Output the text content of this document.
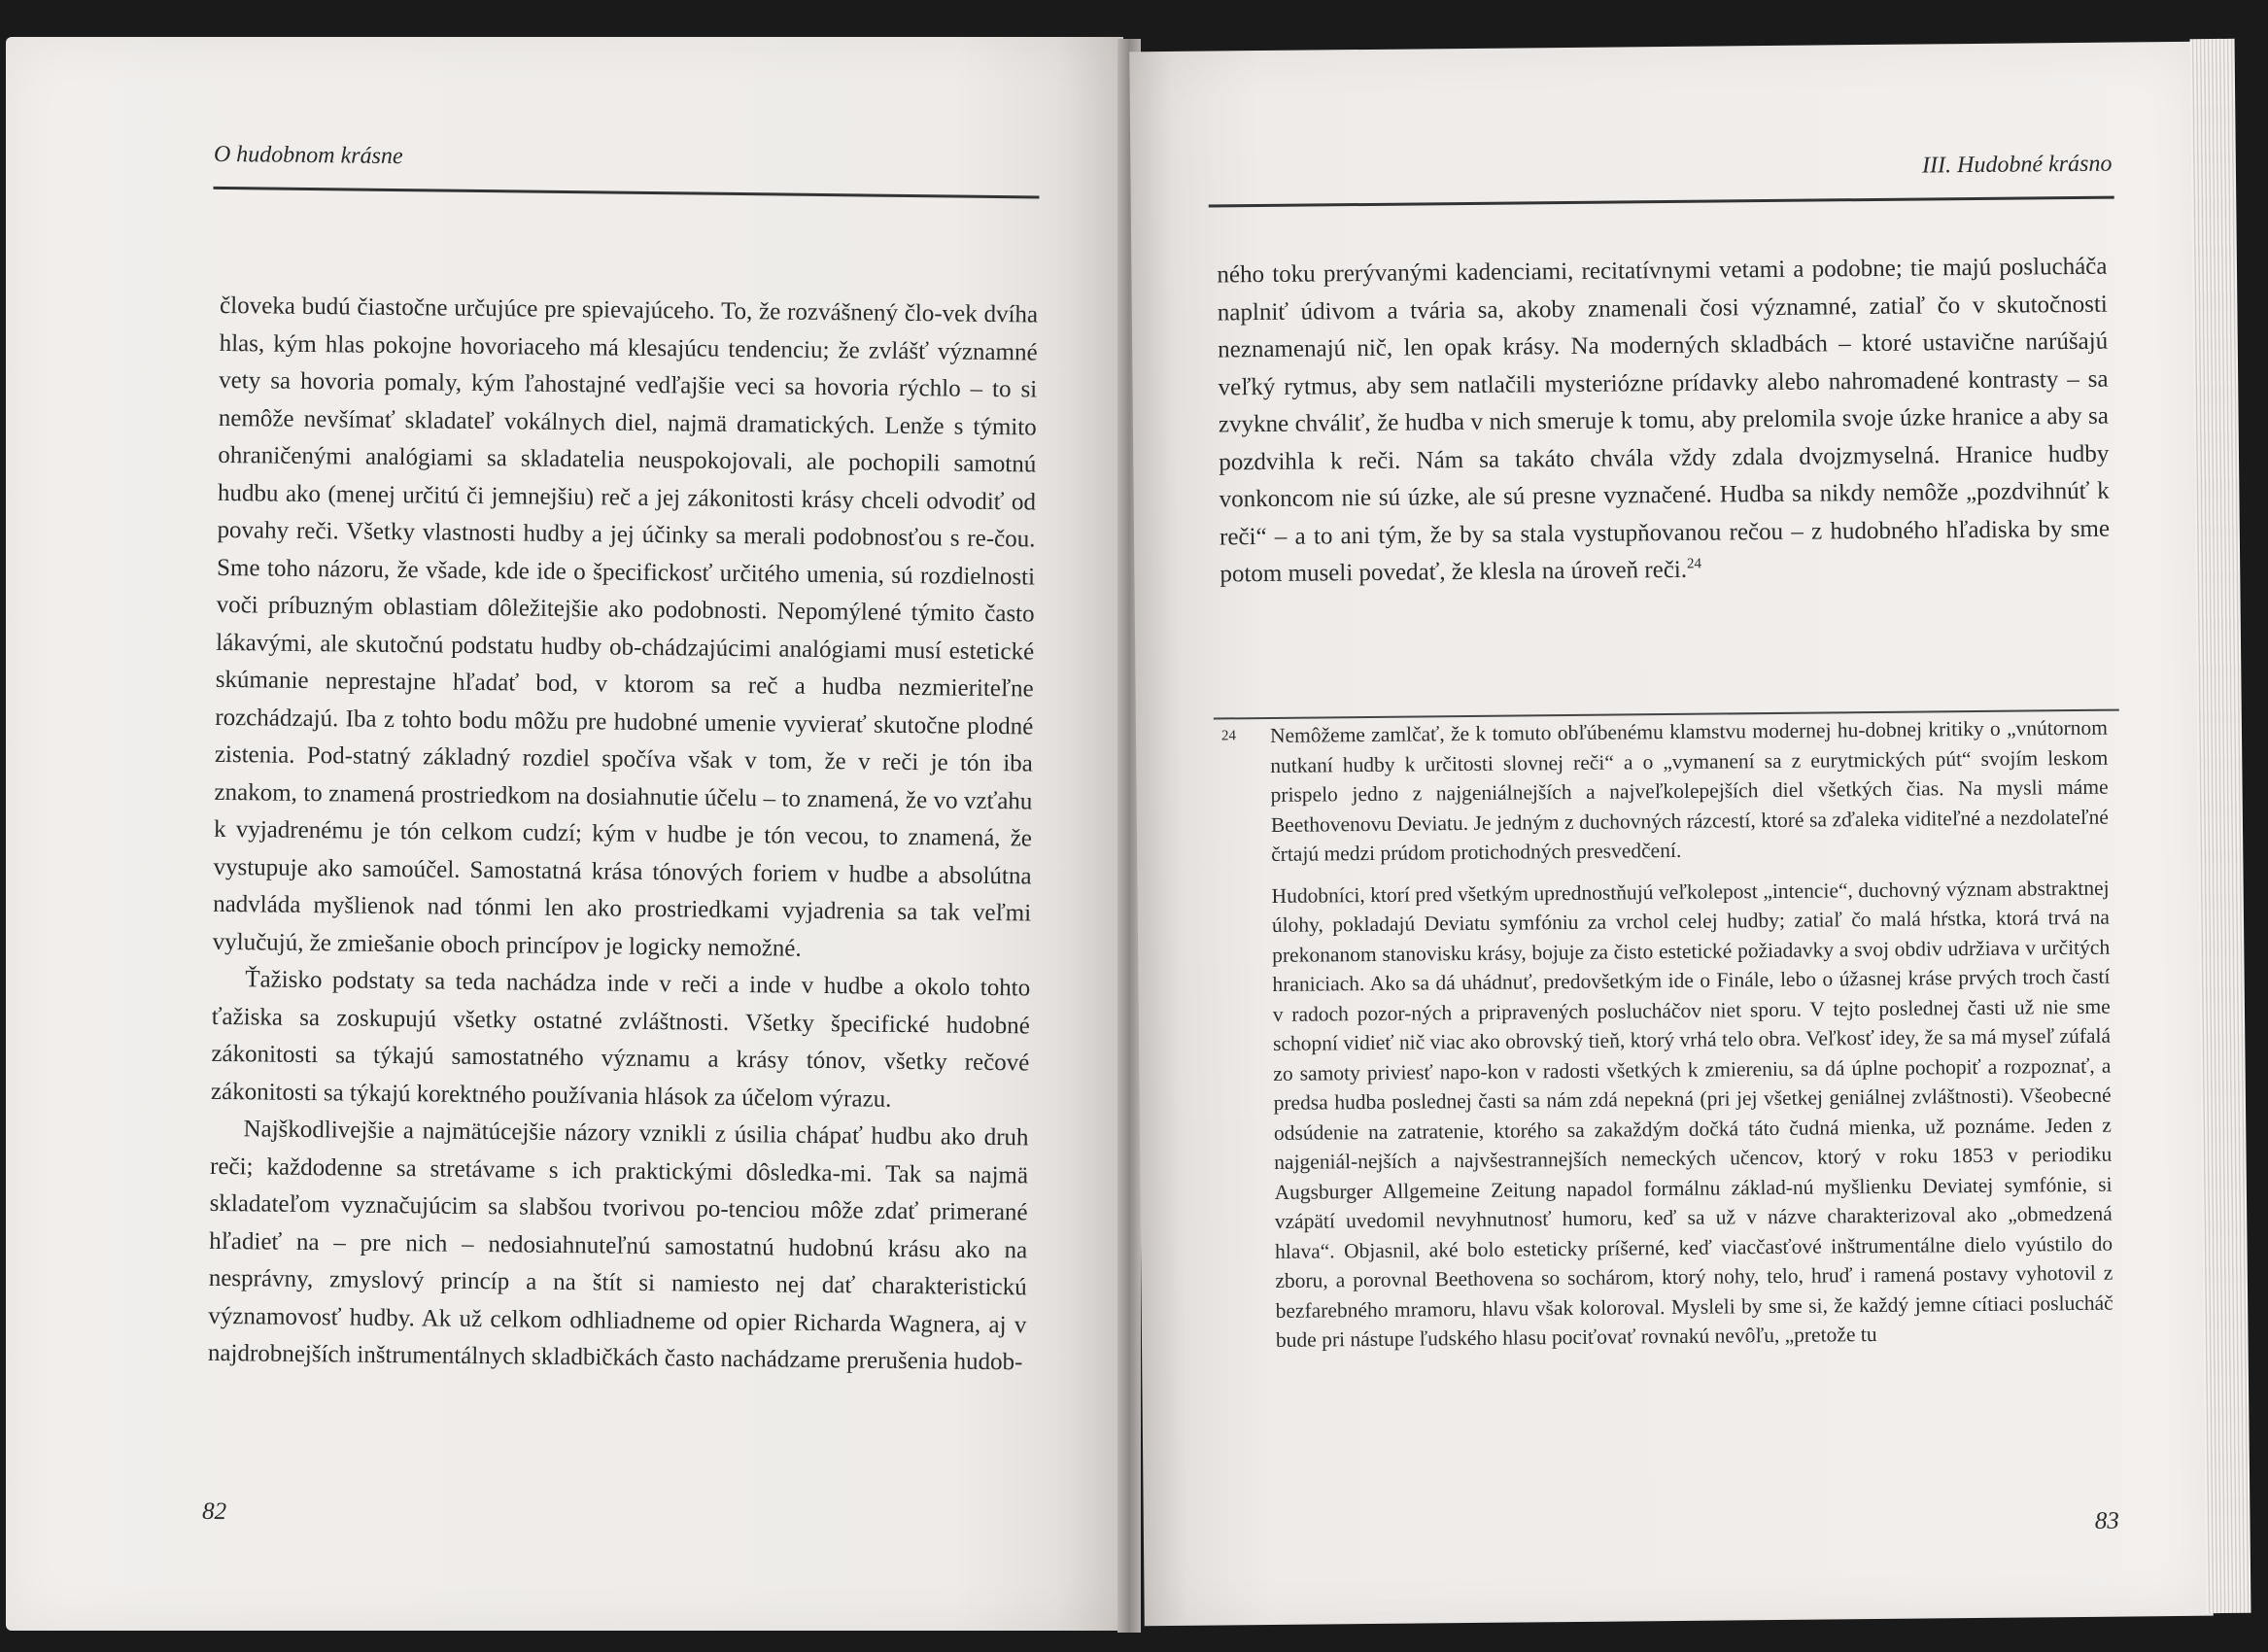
O hudobnom krásne

človeka budú čiastočne určujúce pre spievajúceho. To, že rozvášnený člo-vek dvíha hlas, kým hlas pokojne hovoriaceho má klesajúcu tendenciu; že zvlášť významné vety sa hovoria pomaly, kým ľahostajné vedľajšie veci sa hovoria rýchlo – to si nemôže nevšímať skladateľ vokálnych diel, najmä dramatických. Lenže s týmito ohraničenými analógiami sa skladatelia neuspokojovali, ale pochopili samotnú hudbu ako (menej určitú či jemnejšiu) reč a jej zákonitosti krásy chceli odvodiť od povahy reči. Všetky vlastnosti hudby a jej účinky sa merali podobnosťou s re-čou. Sme toho názoru, že všade, kde ide o špecifickosť určitého umenia, sú rozdielnosti voči príbuzným oblastiam dôležitejšie ako podobnosti. Nepomýlené týmito často lákavými, ale skutočnú podstatu hudby ob-chádzajúcimi analógiami musí estetické skúmanie neprestajne hľadať bod, v ktorom sa reč a hudba nezmieriteľne rozchádzajú. Iba z tohto bodu môžu pre hudobné umenie vyvierať skutočne plodné zistenia. Pod-statný základný rozdiel spočíva však v tom, že v reči je tón iba znakom, to znamená prostriedkom na dosiahnutie účelu – to znamená, že vo vzťahu k vyjadrenému je tón celkom cudzí; kým v hudbe je tón vecou, to znamená, že vystupuje ako samoúčel. Samostatná krása tónových foriem v hudbe a absolútna nadvláda myšlienok nad tónmi len ako prostriedkami vyjadrenia sa tak veľmi vylučujú, že zmiešanie oboch princípov je logicky nemožné.

Ťažisko podstaty sa teda nachádza inde v reči a inde v hudbe a okolo tohto ťažiska sa zoskupujú všetky ostatné zvláštnosti. Všetky špecifické hudobné zákonitosti sa týkajú samostatného významu a krásy tónov, všetky rečové zákonitosti sa týkajú korektného používania hlások za účelom výrazu.

Najškodlivejšie a najmätúcejšie názory vznikli z úsilia chápať hudbu ako druh reči; každodenne sa stretávame s ich praktickými dôsledka-mi. Tak sa najmä skladateľom vyznačujúcim sa slabšou tvorivou po-tenciou môže zdať primerané hľadieť na – pre nich – nedosiahnuteľnú samostatnú hudobnú krásu ako na nesprávny, zmyslový princíp a na štít si namiesto nej dať charakteristickú významovosť hudby. Ak už celkom odhliadneme od opier Richarda Wagnera, aj v najdrobnejších inštrumentálnych skladbičkách často nachádzame prerušenia hudob-

82
III. Hudobné krásno

ného toku prerývanými kadenciami, recitatívnymi vetami a podobne; tie majú poslucháča naplniť údivom a tvária sa, akoby znamenali čosi významné, zatiaľ čo v skutočnosti neznamenajú nič, len opak krásy. Na moderných skladbách – ktoré ustavične narúšajú veľký rytmus, aby sem natlačili mysteriózne prídavky alebo nahromadené kontrasty – sa zvykne chváliť, že hudba v nich smeruje k tomu, aby prelomila svoje úzke hranice a aby sa pozdvihla k reči. Nám sa takáto chvála vždy zdala dvojzmyselná. Hranice hudby vonkoncom nie sú úzke, ale sú presne vyznačené. Hudba sa nikdy nemôže „pozdvihnúť k reči“ – a to ani tým, že by sa stala vystupňovanou rečou – z hudobného hľadiska by sme potom museli povedať, že klesla na úroveň reči.$^{24}$

24 Nemôžeme zamlčať, že k tomuto obľúbenému klamstvu modernej hu-dobnej kritiky o „vnútornom nutkaní hudby k určitosti slovnej reči“ a o „vymanení sa z eurytmických pút“ svojím leskom prispelo jedno z najgeniálnejších a najveľkolepejších diel všetkých čias. Na mysli máme Beethovenovu Deviatu. Je jedným z duchovných rázcestí, ktoré sa zďaleka viditeľné a nezdolateľné črtajú medzi prúdom protichodných presvedčení.

Hudobníci, ktorí pred všetkým uprednostňujú veľkolepost „intencie“, duchovný význam abstraktnej úlohy, pokladajú Deviatu symfóniu za vrchol celej hudby; zatiaľ čo malá hŕstka, ktorá trvá na prekonanom stanovisku krásy, bojuje za čisto estetické požiadavky a svoj obdiv udržiava v určitých hraniciach. Ako sa dá uhádnuť, predovšetkým ide o Finále, lebo o úžasnej kráse prvých troch častí v radoch pozor-ných a pripravených poslucháčov niet sporu. V tejto poslednej časti už nie sme schopní vidieť nič viac ako obrovský tieň, ktorý vrhá telo obra. Veľkosť idey, že sa má myseľ zúfalá zo samoty priviesť napo-kon v radosti všetkých k zmiereniu, sa dá úplne pochopiť a rozpoznať, a predsa hudba poslednej časti sa nám zdá nepekná (pri jej všetkej geniálnej zvláštnosti). Všeobecné odsúdenie na zatratenie, ktorého sa zakaždým dočká táto čudná mienka, už poznáme. Jeden z najgeniál-nejších a najvšestrannejších nemeckých učencov, ktorý v roku 1853 v periodiku Augsburger Allgemeine Zeitung napadol formálnu základ-nú myšlienku Deviatej symfónie, si vzápätí uvedomil nevyhnutnosť humoru, keď sa už v názve charakterizoval ako „obmedzená hlava“. Objasnil, aké bolo esteticky príšerné, keď viacčasťové inštrumentálne dielo vyústilo do zboru, a porovnal Beethovena so sochárom, ktorý nohy, telo, hruď i ramená postavy vyhotovil z bezfarebného mramoru, hlavu však koloroval. Mysleli by sme si, že každý jemne cítiaci poslucháč bude pri nástupe ľudského hlasu pociťovať rovnakú nevôľu, „pretože tu

83
